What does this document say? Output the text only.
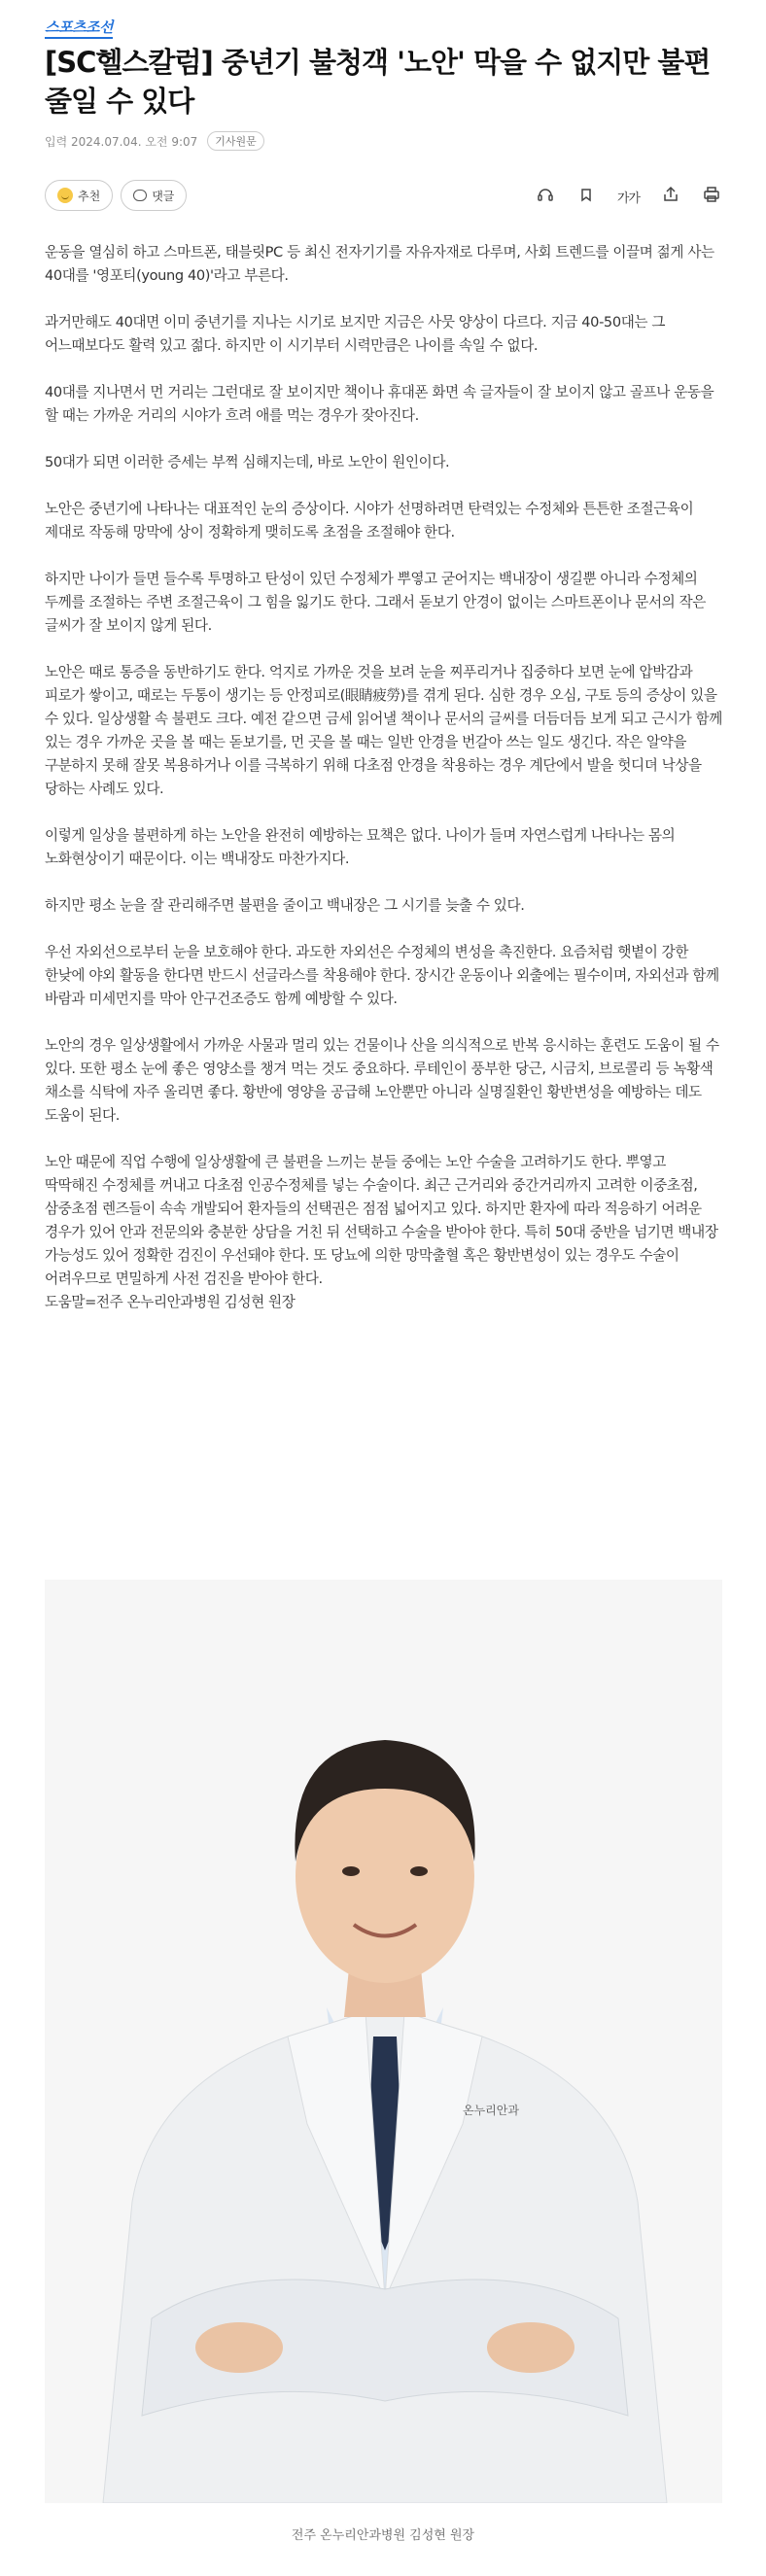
스포츠조선
[SC헬스칼럼] 중년기 불청객 '노안' 막을 수 없지만 불편 줄일 수 있다
입력 2024.07.04. 오전 9:07	기사원문
추천	댓글	가가

운동을 열심히 하고 스마트폰, 태블릿PC 등 최신 전자기기를 자유자재로 다루며, 사회 트렌드를 이끌며 젊게 사는 40대를 '영포티(young 40)'라고 부른다.

과거만해도 40대면 이미 중년기를 지나는 시기로 보지만 지금은 사뭇 양상이 다르다. 지금 40-50대는 그 어느때보다도 활력 있고 젊다. 하지만 이 시기부터 시력만큼은 나이를 속일 수 없다.

40대를 지나면서 먼 거리는 그런대로 잘 보이지만 책이나 휴대폰 화면 속 글자들이 잘 보이지 않고 골프나 운동을 할 때는 가까운 거리의 시야가 흐려 애를 먹는 경우가 잦아진다.

50대가 되면 이러한 증세는 부쩍 심해지는데, 바로 노안이 원인이다.

노안은 중년기에 나타나는 대표적인 눈의 증상이다. 시야가 선명하려면 탄력있는 수정체와 튼튼한 조절근육이 제대로 작동해 망막에 상이 정확하게 맺히도록 초점을 조절해야 한다.

하지만 나이가 들면 들수록 투명하고 탄성이 있던 수정체가 뿌옇고 굳어지는 백내장이 생길뿐 아니라 수정체의 두께를 조절하는 주변 조절근육이 그 힘을 잃기도 한다. 그래서 돋보기 안경이 없이는 스마트폰이나 문서의 작은 글씨가 잘 보이지 않게 된다.

노안은 때로 통증을 동반하기도 한다. 억지로 가까운 것을 보려 눈을 찌푸리거나 집중하다 보면 눈에 압박감과 피로가 쌓이고, 때로는 두통이 생기는 등 안정피로(眼睛疲勞)를 겪게 된다. 심한 경우 오심, 구토 등의 증상이 있을 수 있다. 일상생활 속 불편도 크다. 예전 같으면 금세 읽어낼 책이나 문서의 글씨를 더듬더듬 보게 되고 근시가 함께 있는 경우 가까운 곳을 볼 때는 돋보기를, 먼 곳을 볼 때는 일반 안경을 번갈아 쓰는 일도 생긴다. 작은 알약을 구분하지 못해 잘못 복용하거나 이를 극복하기 위해 다초점 안경을 착용하는 경우 계단에서 발을 헛디뎌 낙상을 당하는 사례도 있다.

이렇게 일상을 불편하게 하는 노안을 완전히 예방하는 묘책은 없다. 나이가 들며 자연스럽게 나타나는 몸의 노화현상이기 때문이다. 이는 백내장도 마찬가지다.

하지만 평소 눈을 잘 관리해주면 불편을 줄이고 백내장은 그 시기를 늦출 수 있다.

우선 자외선으로부터 눈을 보호해야 한다. 과도한 자외선은 수정체의 변성을 촉진한다. 요즘처럼 햇볕이 강한 한낮에 야외 활동을 한다면 반드시 선글라스를 착용해야 한다. 장시간 운동이나 외출에는 필수이며, 자외선과 함께 바람과 미세먼지를 막아 안구건조증도 함께 예방할 수 있다.

노안의 경우 일상생활에서 가까운 사물과 멀리 있는 건물이나 산을 의식적으로 반복 응시하는 훈련도 도움이 될 수 있다. 또한 평소 눈에 좋은 영양소를 챙겨 먹는 것도 중요하다. 루테인이 풍부한 당근, 시금치, 브로콜리 등 녹황색 채소를 식탁에 자주 올리면 좋다. 황반에 영양을 공급해 노안뿐만 아니라 실명질환인 황반변성을 예방하는 데도 도움이 된다.

노안 때문에 직업 수행에 일상생활에 큰 불편을 느끼는 분들 중에는 노안 수술을 고려하기도 한다. 뿌옇고 딱딱해진 수정체를 꺼내고 다초점 인공수정체를 넣는 수술이다. 최근 근거리와 중간거리까지 고려한 이중초점, 삼중초점 렌즈들이 속속 개발되어 환자들의 선택권은 점점 넓어지고 있다. 하지만 환자에 따라 적응하기 어려운 경우가 있어 안과 전문의와 충분한 상담을 거친 뒤 선택하고 수술을 받아야 한다. 특히 50대 중반을 넘기면 백내장 가능성도 있어 정확한 검진이 우선돼야 한다. 또 당뇨에 의한 망막출혈 혹은 황반변성이 있는 경우도 수술이 어려우므로 면밀하게 사전 검진을 받아야 한다.

도움말=전주 온누리안과병원 김성현 원장

온누리안과
전주 온누리안과병원 김성현 원장
